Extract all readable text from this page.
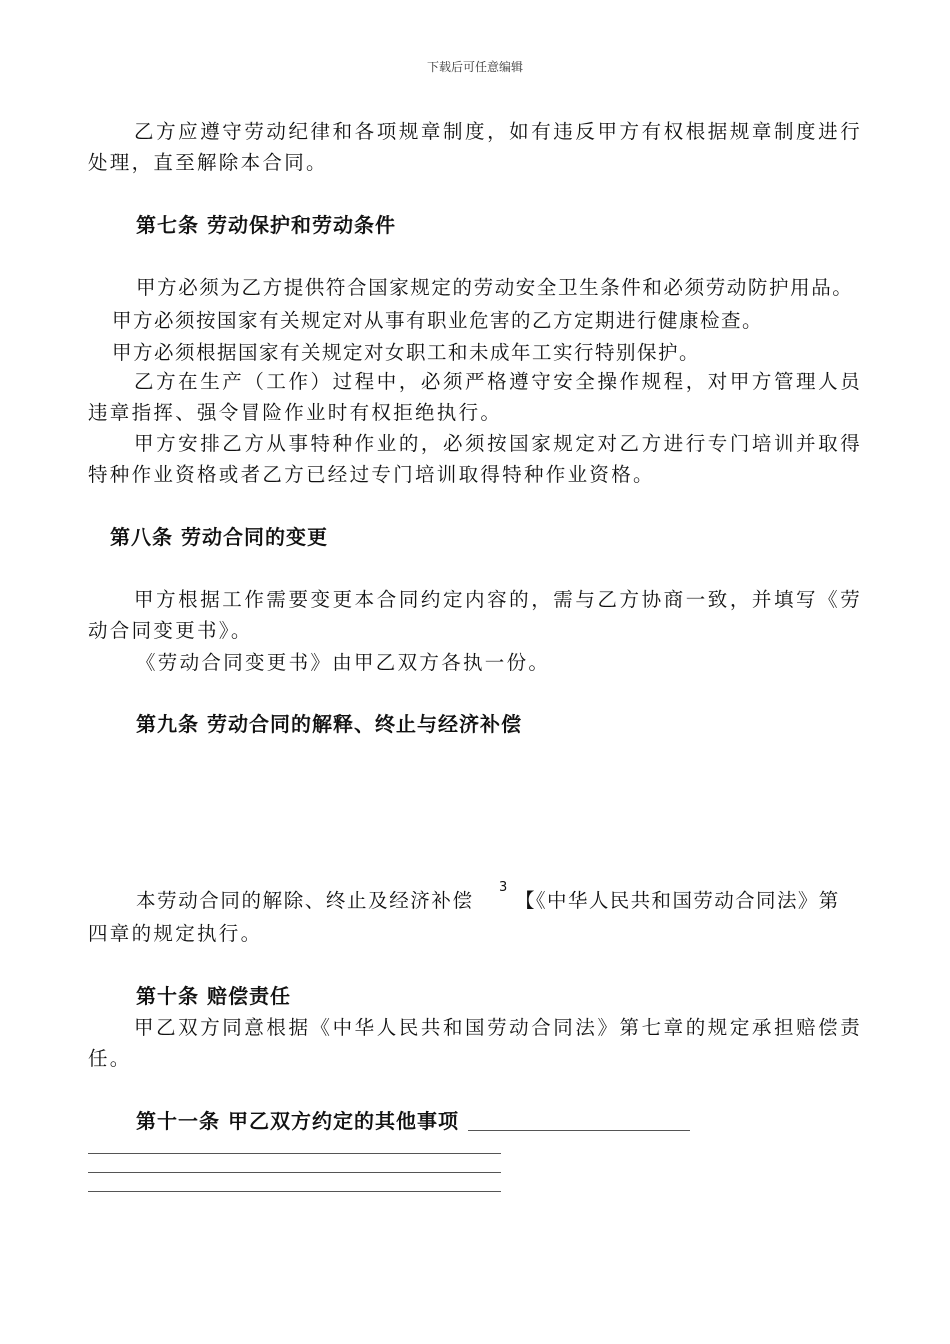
下载后可任意编辑
乙方应遵守劳动纪律和各项规章制度，如有违反甲方有权根据规章制度进行处理，直至解除本合同。
第七条 劳动保护和劳动条件
甲方必须为乙方提供符合国家规定的劳动安全卫生条件和必须劳动防护用品。
甲方必须按国家有关规定对从事有职业危害的乙方定期进行健康检查。
甲方必须根据国家有关规定对女职工和未成年工实行特别保护。
乙方在生产（工作）过程中，必须严格遵守安全操作规程，对甲方管理人员违章指挥、强令冒险作业时有权拒绝执行。
甲方安排乙方从事特种作业的，必须按国家规定对乙方进行专门培训并取得特种作业资格或者乙方已经过专门培训取得特种作业资格。
第八条 劳动合同的变更
甲方根据工作需要变更本合同约定内容的，需与乙方协商一致，并填写《劳动合同变更书》。
《劳动合同变更书》由甲乙双方各执一份。
第九条 劳动合同的解释、终止与经济补偿
本劳动合同的解除、终止及经济补偿
3
【《中华人民共和国劳动合同法》第
四章的规定执行。
第十条 赔偿责任
甲乙双方同意根据《中华人民共和国劳动合同法》第七章的规定承担赔偿责任。
第十一条 甲乙双方约定的其他事项
